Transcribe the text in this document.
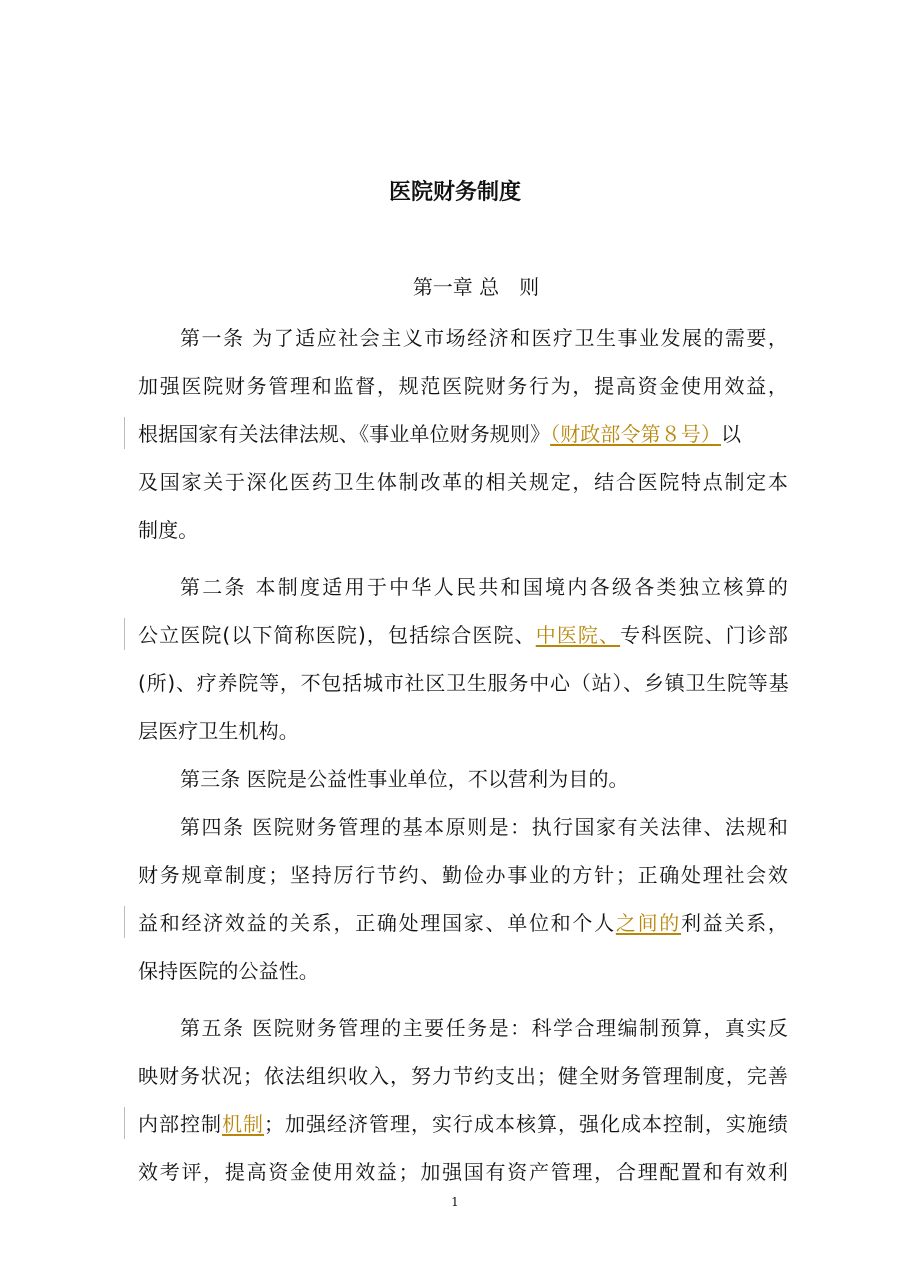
医院财务制度
第一章 总　则
第一条 为了适应社会主义市场经济和医疗卫生事业发展的需要，
加强医院财务管理和监督，规范医院财务行为，提高资金使用效益，
根据国家有关法律法规、《事业单位财务规则》（财政部令第８号）以
及国家关于深化医药卫生体制改革的相关规定，结合医院特点制定本
制度。
第二条 本制度适用于中华人民共和国境内各级各类独立核算的
公立医院(以下简称医院)，包括综合医院、中医院、专科医院、门诊部
(所)、疗养院等，不包括城市社区卫生服务中心（站）、乡镇卫生院等基
层医疗卫生机构。
第三条 医院是公益性事业单位，不以营利为目的。
第四条 医院财务管理的基本原则是：执行国家有关法律、法规和
财务规章制度；坚持厉行节约、勤俭办事业的方针；正确处理社会效
益和经济效益的关系，正确处理国家、单位和个人之间的利益关系，
保持医院的公益性。
第五条 医院财务管理的主要任务是：科学合理编制预算，真实反
映财务状况；依法组织收入，努力节约支出；健全财务管理制度，完善
内部控制机制；加强经济管理，实行成本核算，强化成本控制，实施绩
效考评，提高资金使用效益；加强国有资产管理，合理配置和有效利
1
